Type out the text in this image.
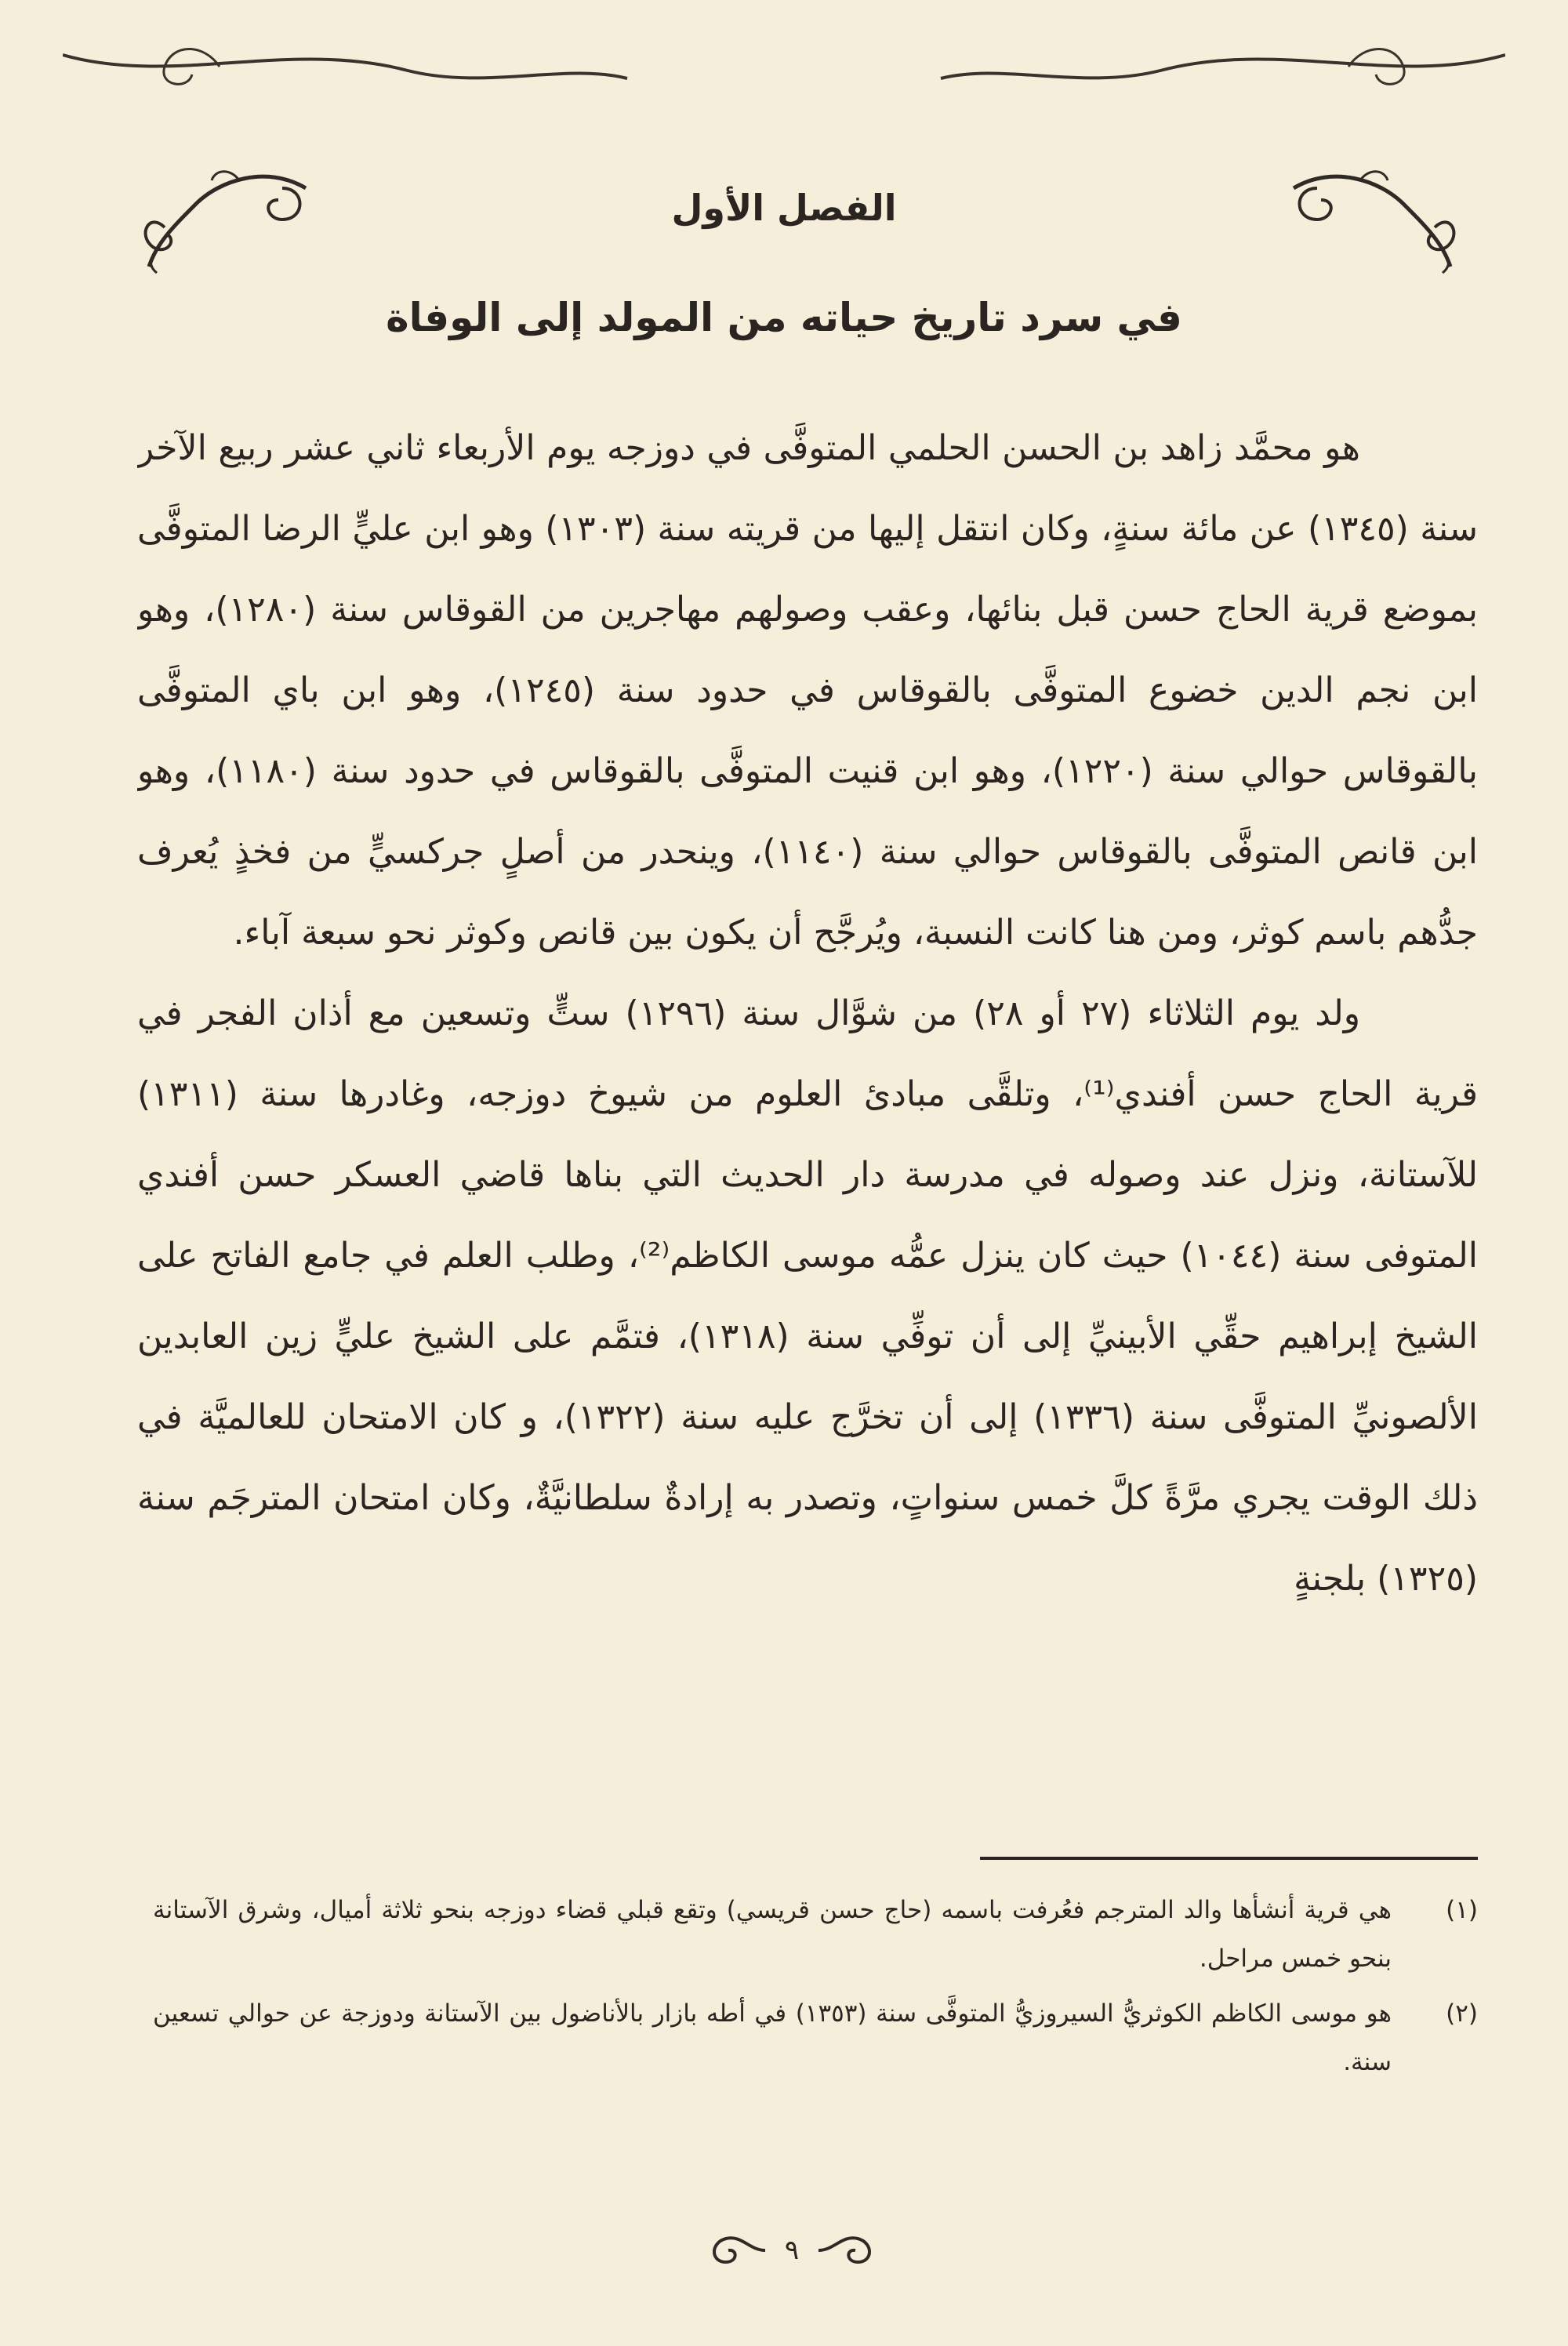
الفصل الأول
في سرد تاريخ حياته من المولد إلى الوفاة

هو محمَّد زاهد بن الحسن الحلمي المتوفَّى في دوزجه يوم الأربعاء ثاني عشر ربيع الآخر سنة (١٣٤٥) عن مائة سنةٍ، وكان انتقل إليها من قريته سنة (١٣٠٣) وهو ابن عليٍّ الرضا المتوفَّى بموضع قرية الحاج حسن قبل بنائها، وعقب وصولهم مهاجرين من القوقاس سنة (١٢٨٠)، وهو ابن نجم الدين خضوع المتوفَّى بالقوقاس في حدود سنة (١٢٤٥)، وهو ابن باي المتوفَّى بالقوقاس حوالي سنة (١٢٢٠)، وهو ابن قنيت المتوفَّى بالقوقاس في حدود سنة (١١٨٠)، وهو ابن قانص المتوفَّى بالقوقاس حوالي سنة (١١٤٠)، وينحدر من أصلٍ جركسيٍّ من فخذٍ يُعرف جدُّهم باسم كوثر، ومن هنا كانت النسبة، ويُرجَّح أن يكون بين قانص وكوثر نحو سبعة آباء.

ولد يوم الثلاثاء (٢٧ أو ٢٨) من شوَّال سنة (١٢٩٦) ستٍّ وتسعين مع أذان الفجر في قرية الحاج حسن أفندي⁽¹⁾، وتلقَّى مبادئ العلوم من شيوخ دوزجه، وغادرها سنة (١٣١١) للآستانة، ونزل عند وصوله في مدرسة دار الحديث التي بناها قاضي العسكر حسن أفندي المتوفى سنة (١٠٤٤) حيث كان ينزل عمُّه موسى الكاظم⁽²⁾، وطلب العلم في جامع الفاتح على الشيخ إبراهيم حقِّي الأبينيِّ إلى أن توفِّي سنة (١٣١٨)، فتمَّم على الشيخ عليٍّ زين العابدين الألصونيِّ المتوفَّى سنة (١٣٣٦) إلى أن تخرَّج عليه سنة (١٣٢٢)، و كان الامتحان للعالميَّة في ذلك الوقت يجري مرَّةً كلَّ خمس سنواتٍ، وتصدر به إرادةٌ سلطانيَّةٌ، وكان امتحان المترجَم سنة (١٣٢٥) بلجنةٍ

(١)
هي قرية أنشأها والد المترجم فعُرفت باسمه (حاج حسن قريسي) وتقع قبلي قضاء دوزجه بنحو ثلاثة أميال، وشرق الآستانة بنحو خمس مراحل.
(٢)
هو موسى الكاظم الكوثريُّ السيروزيُّ المتوفَّى سنة (١٣٥٣) في أطه بازار بالأناضول بين الآستانة ودوزجة عن حوالي تسعين سنة.
٩
